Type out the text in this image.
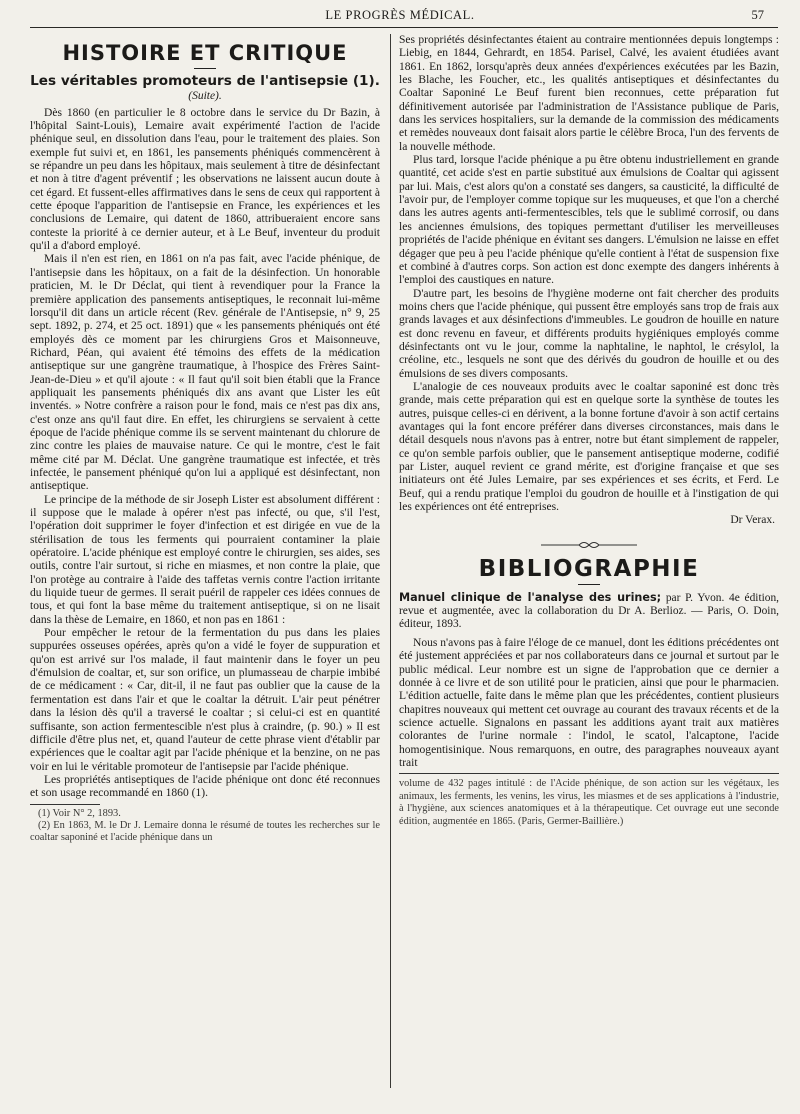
LE PROGRÈS MÉDICAL.	57
HISTOIRE ET CRITIQUE
Les véritables promoteurs de l'antisepsie (1).
(Suite).

Dès 1860 (en particulier le 8 octobre dans le service du Dr Bazin, à l'hôpital Saint-Louis), Lemaire avait expérimenté l'action de l'acide phénique seul, en dissolution dans l'eau, pour le traitement des plaies. Son exemple fut suivi et, en 1861, les pansements phéniqués commencèrent à se répandre un peu dans les hôpitaux, mais seulement à titre de désinfectant et non à titre d'agent préventif ; les observations ne laissent aucun doute à cet égard. Et fussent-elles affirmatives dans le sens de ceux qui rapportent à cette époque l'apparition de l'antisepsie en France, les expériences et les conclusions de Lemaire, qui datent de 1860, attribueraient encore sans conteste la priorité à ce dernier auteur, et à Le Beuf, inventeur du produit qu'il a d'abord employé.

Mais il n'en est rien, en 1861 on n'a pas fait, avec l'acide phénique, de l'antisepsie dans les hôpitaux, on a fait de la désinfection. Un honorable praticien, M. le Dr Déclat, qui tient à revendiquer pour la France la première application des pansements antiseptiques, le reconnait lui-même lorsqu'il dit dans un article récent (Rev. générale de l'Antisepsie, n° 9, 25 sept. 1892, p. 274, et 25 oct. 1891) que « les pansements phéniqués ont été employés dès ce moment par les chirurgiens Gros et Maisonneuve, Richard, Péan, qui avaient été témoins des effets de la médication antiseptique sur une gangrène traumatique, à l'hospice des Frères Saint-Jean-de-Dieu » et qu'il ajoute : « Il faut qu'il soit bien établi que la France appliquait les pansements phéniqués dix ans avant que Lister les eût inventés. » Notre confrère a raison pour le fond, mais ce n'est pas dix ans, c'est onze ans qu'il faut dire. En effet, les chirurgiens se servaient à cette époque de l'acide phénique comme ils se servent maintenant du chlorure de zinc contre les plaies de mauvaise nature. Ce qui le montre, c'est le fait même cité par M. Déclat. Une gangrène traumatique est infectée, et très infectée, le pansement phéniqué qu'on lui a appliqué est désinfectant, non antiseptique.

Le principe de la méthode de sir Joseph Lister est absolument différent : il suppose que le malade à opérer n'est pas infecté, ou que, s'il l'est, l'opération doit supprimer le foyer d'infection et est dirigée en vue de la stérilisation de tous les ferments qui pourraient contaminer la plaie opératoire. L'acide phénique est employé contre le chirurgien, ses aides, ses outils, contre l'air surtout, si riche en miasmes, et non contre la plaie, que l'on protège au contraire à l'aide des taffetas vernis contre l'action irritante du liquide tueur de germes. Il serait puéril de rappeler ces idées connues de tous, et qui font la base même du traitement antiseptique, si on ne lisait dans la thèse de Lemaire, en 1860, et non pas en 1861 :

Pour empêcher le retour de la fermentation du pus dans les plaies suppurées osseuses opérées, après qu'on a vidé le foyer de suppuration et qu'on est arrivé sur l'os malade, il faut maintenir dans le foyer un peu d'émulsion de coaltar, et, sur son orifice, un plumasseau de charpie imbibé de ce médicament : « Car, dit-il, il ne faut pas oublier que la cause de la fermentation est dans l'air et que le coaltar la détruit. L'air peut pénétrer dans la lésion dès qu'il a traversé le coaltar ; si celui-ci est en quantité suffisante, son action fermentescible n'est plus à craindre, (p. 90.) » Il est difficile d'être plus net, et, quand l'auteur de cette phrase vient d'établir par expériences que le coaltar agit par l'acide phénique et la benzine, on ne pas voir en lui le véritable promoteur de l'antisepsie par l'acide phénique.

Les propriétés antiseptiques de l'acide phénique ont donc été reconnues et son usage recommandé en 1860 (1).

(1) Voir N° 2, 1893.

(2) En 1863, M. le Dr J. Lemaire donna le résumé de toutes les recherches sur le coaltar saponiné et l'acide phénique dans un

Ses propriétés désinfectantes étaient au contraire mentionnées depuis longtemps : Liebig, en 1844, Gehrardt, en 1854. Parisel, Calvé, les avaient étudiées avant 1861. En 1862, lorsqu'après deux années d'expériences exécutées par les Bazin, les Blache, les Foucher, etc., les qualités antiseptiques et désinfectantes du Coaltar Saponiné Le Beuf furent bien reconnues, cette préparation fut définitivement autorisée par l'administration de l'Assistance publique de Paris, dans les services hospitaliers, sur la demande de la commission des médicaments et remèdes nouveaux dont faisait alors partie le célèbre Broca, l'un des fervents de la nouvelle méthode.

Plus tard, lorsque l'acide phénique a pu être obtenu industriellement en grande quantité, cet acide s'est en partie substitué aux émulsions de Coaltar qui agissent par lui. Mais, c'est alors qu'on a constaté ses dangers, sa causticité, la difficulté de l'avoir pur, de l'employer comme topique sur les muqueuses, et que l'on a cherché dans les autres agents anti-fermentescibles, tels que le sublimé corrosif, ou dans les anciennes émulsions, des topiques permettant d'utiliser les merveilleuses propriétés de l'acide phénique en évitant ses dangers. L'émulsion ne laisse en effet dégager que peu à peu l'acide phénique qu'elle contient à l'état de suspension fixe et combiné à d'autres corps. Son action est donc exempte des dangers inhérents à l'emploi des caustiques en nature.

D'autre part, les besoins de l'hygiène moderne ont fait chercher des produits moins chers que l'acide phénique, qui pussent être employés sans trop de frais aux grands lavages et aux désinfections d'immeubles. Le goudron de houille en nature est donc revenu en faveur, et différents produits hygiéniques employés comme désinfectants ont vu le jour, comme la naphtaline, le naphtol, le crésylol, la créoline, etc., lesquels ne sont que des dérivés du goudron de houille et ou des émulsions de ses divers composants.

L'analogie de ces nouveaux produits avec le coaltar saponiné est donc très grande, mais cette préparation qui est en quelque sorte la synthèse de toutes les autres, puisque celles-ci en dérivent, a la bonne fortune d'avoir à son actif certains avantages qui la font encore préférer dans diverses circonstances, mais dans le détail desquels nous n'avons pas à entrer, notre but étant simplement de rappeler, ce qu'on semble parfois oublier, que le pansement antiseptique moderne, codifié par Lister, auquel revient ce grand mérite, est d'origine française et que ses initiateurs ont été Jules Lemaire, par ses expériences et ses écrits, et Ferd. Le Beuf, qui a rendu pratique l'emploi du goudron de houille et à l'instigation de qui les expériences ont été entreprises.

Dr Verax.
BIBLIOGRAPHIE

Manuel clinique de l'analyse des urines; par P. Yvon. 4e édition, revue et augmentée, avec la collaboration du Dr A. Berlioz. — Paris, O. Doin, éditeur, 1893.

Nous n'avons pas à faire l'éloge de ce manuel, dont les éditions précédentes ont été justement appréciées et par nos collaborateurs dans ce journal et surtout par le public médical. Leur nombre est un signe de l'approbation que ce dernier a donnée à ce livre et de son utilité pour le praticien, ainsi que pour le pharmacien. L'édition actuelle, faite dans le même plan que les précédentes, contient plusieurs chapitres nouveaux qui mettent cet ouvrage au courant des travaux récents et de la science actuelle. Signalons en passant les additions ayant trait aux matières colorantes de l'urine normale : l'indol, le scatol, l'alcaptone, l'acide homogentisinique. Nous remarquons, en outre, des paragraphes nouveaux ayant trait

volume de 432 pages intitulé : de l'Acide phénique, de son action sur les végétaux, les animaux, les ferments, les venins, les virus, les miasmes et de ses applications à l'industrie, à l'hygiène, aux sciences anatomiques et à la thérapeutique. Cet ouvrage eut une seconde édition, augmentée en 1865. (Paris, Germer-Baillière.)
